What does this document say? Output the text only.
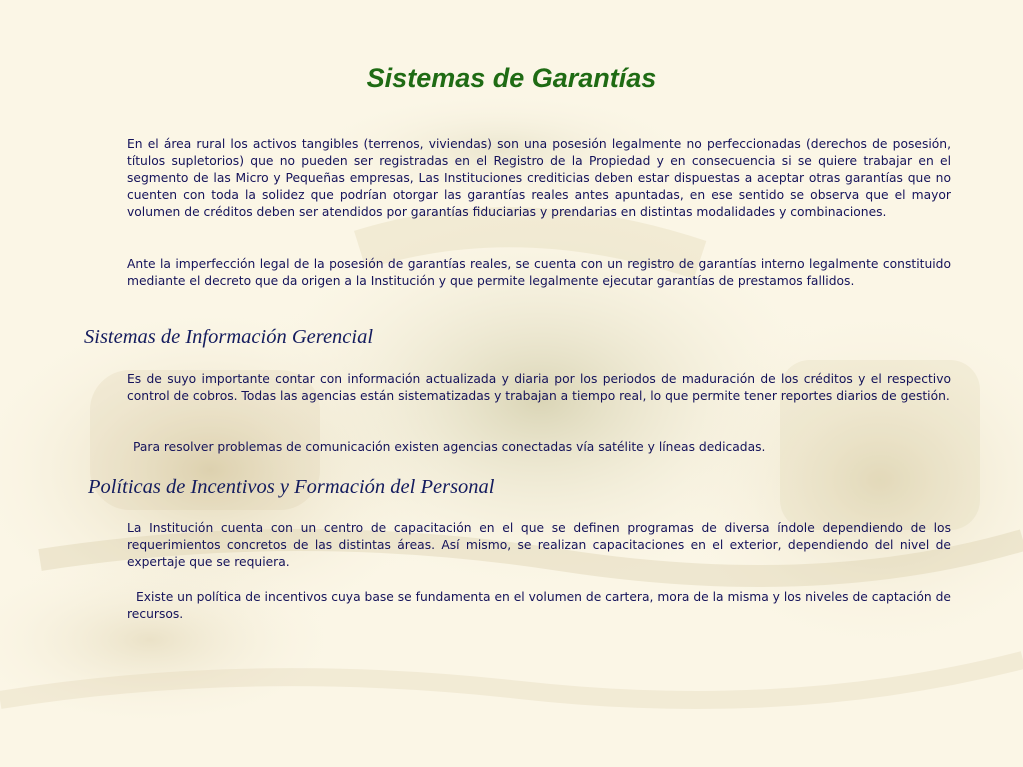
Sistemas de Garantías

En el área rural los activos tangibles (terrenos, viviendas) son una posesión legalmente no perfeccionadas (derechos de posesión, títulos supletorios) que no pueden ser registradas en el Registro de la Propiedad y en consecuencia si se quiere trabajar en el segmento de las Micro y Pequeñas empresas, Las Instituciones crediticias deben estar dispuestas a aceptar otras garantías que no cuenten con toda la solidez que podrían otorgar las garantías reales antes apuntadas, en ese sentido se observa que el mayor volumen de créditos deben ser atendidos por garantías fiduciarias y prendarias en distintas modalidades y combinaciones.

Ante la imperfección legal de la posesión de garantías reales, se cuenta con un registro de garantías interno legalmente constituido mediante el decreto que da origen a la Institución y que permite legalmente ejecutar garantías de prestamos fallidos.

Sistemas de Información Gerencial

Es de suyo importante contar con información actualizada y diaria por los periodos de maduración de los créditos y el respectivo control de cobros. Todas las agencias están sistematizadas y trabajan a tiempo real, lo que permite tener reportes diarios de gestión.

Para resolver problemas de comunicación existen agencias conectadas vía satélite y líneas dedicadas.

Políticas de Incentivos y Formación del Personal

La Institución cuenta con un centro de capacitación en el que se definen programas de diversa índole dependiendo de los requerimientos concretos de las distintas áreas. Así mismo, se realizan capacitaciones en el exterior, dependiendo del nivel de expertaje que se requiera.

Existe un política de incentivos cuya base se fundamenta en el volumen de cartera, mora de la misma y los niveles de captación de recursos.
